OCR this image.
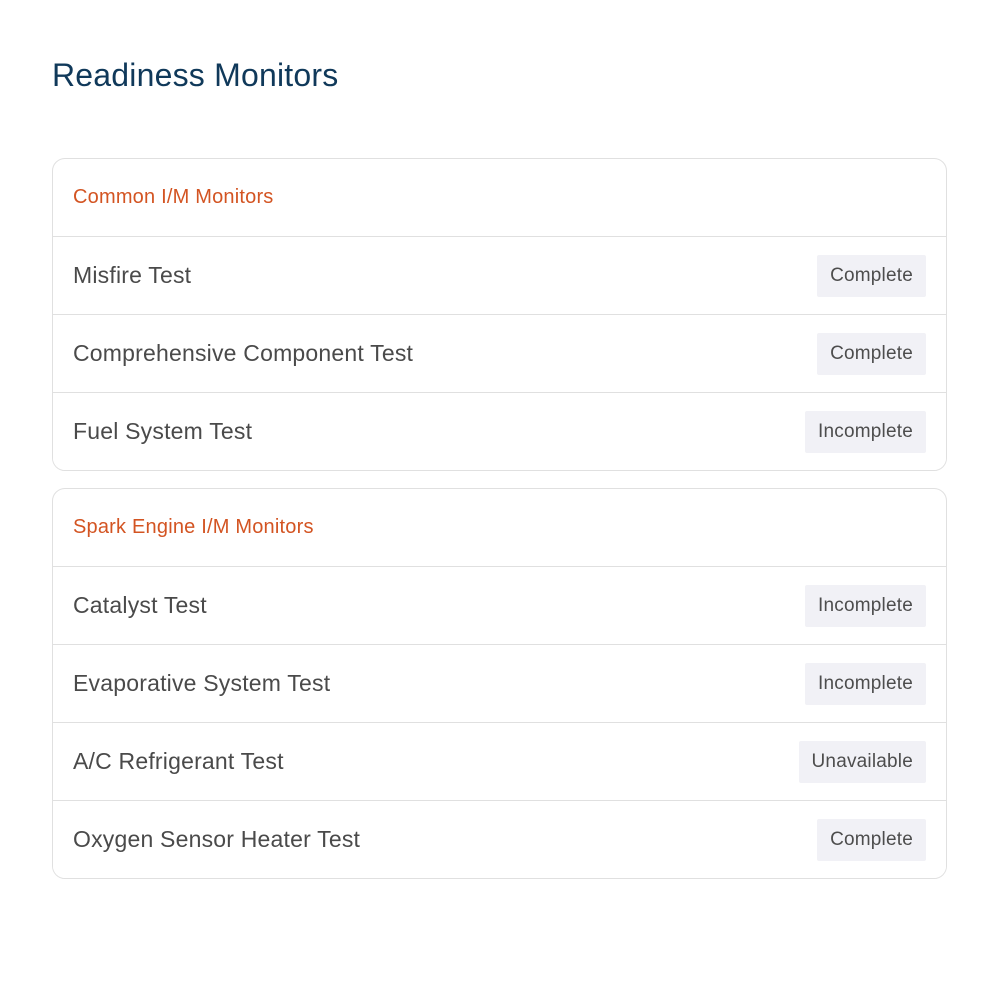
Readiness Monitors
Common I/M Monitors
Misfire Test	Complete
Comprehensive Component Test	Complete
Fuel System Test	Incomplete
Spark Engine I/M Monitors
Catalyst Test	Incomplete
Evaporative System Test	Incomplete
A/C Refrigerant Test	Unavailable
Oxygen Sensor Heater Test	Complete
